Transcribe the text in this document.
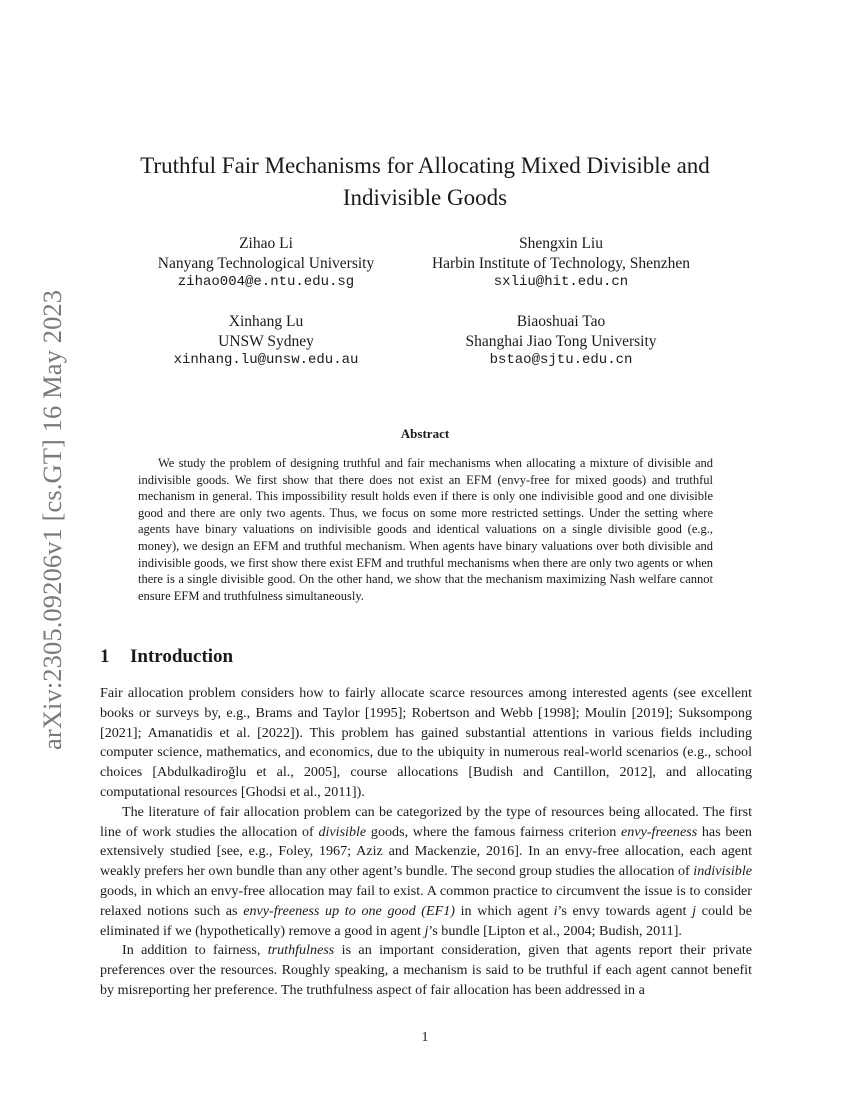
arXiv:2305.09206v1 [cs.GT] 16 May 2023
Truthful Fair Mechanisms for Allocating Mixed Divisible and Indivisible Goods
Zihao Li
Nanyang Technological University
zihao004@e.ntu.edu.sg
Shengxin Liu
Harbin Institute of Technology, Shenzhen
sxliu@hit.edu.cn
Xinhang Lu
UNSW Sydney
xinhang.lu@unsw.edu.au
Biaoshuai Tao
Shanghai Jiao Tong University
bstao@sjtu.edu.cn
Abstract

We study the problem of designing truthful and fair mechanisms when allocating a mixture of divisible and indivisible goods. We first show that there does not exist an EFM (envy-free for mixed goods) and truthful mechanism in general. This impossibility result holds even if there is only one indivisible good and one divisible good and there are only two agents. Thus, we focus on some more restricted settings. Under the setting where agents have binary valuations on indivisible goods and identical valuations on a single divisible good (e.g., money), we design an EFM and truthful mechanism. When agents have binary valuations over both divisible and indivisible goods, we first show there exist EFM and truthful mechanisms when there are only two agents or when there is a single divisible good. On the other hand, we show that the mechanism maximizing Nash welfare cannot ensure EFM and truthfulness simultaneously.

1 Introduction

Fair allocation problem considers how to fairly allocate scarce resources among interested agents (see excellent books or surveys by, e.g., Brams and Taylor [1995]; Robertson and Webb [1998]; Moulin [2019]; Suksompong [2021]; Amanatidis et al. [2022]). This problem has gained substantial attentions in various fields including computer science, mathematics, and economics, due to the ubiquity in numerous real-world scenarios (e.g., school choices [Abdulkadiroğlu et al., 2005], course allocations [Budish and Cantillon, 2012], and allocating computational resources [Ghodsi et al., 2011]).

The literature of fair allocation problem can be categorized by the type of resources being allocated. The first line of work studies the allocation of divisible goods, where the famous fairness criterion envy-freeness has been extensively studied [see, e.g., Foley, 1967; Aziz and Mackenzie, 2016]. In an envy-free allocation, each agent weakly prefers her own bundle than any other agent’s bundle. The second group studies the allocation of indivisible goods, in which an envy-free allocation may fail to exist. A common practice to circumvent the issue is to consider relaxed notions such as envy-freeness up to one good (EF1) in which agent i’s envy towards agent j could be eliminated if we (hypothetically) remove a good in agent j’s bundle [Lipton et al., 2004; Budish, 2011].

In addition to fairness, truthfulness is an important consideration, given that agents report their private preferences over the resources. Roughly speaking, a mechanism is said to be truthful if each agent cannot benefit by misreporting her preference. The truthfulness aspect of fair allocation has been addressed in a

1
